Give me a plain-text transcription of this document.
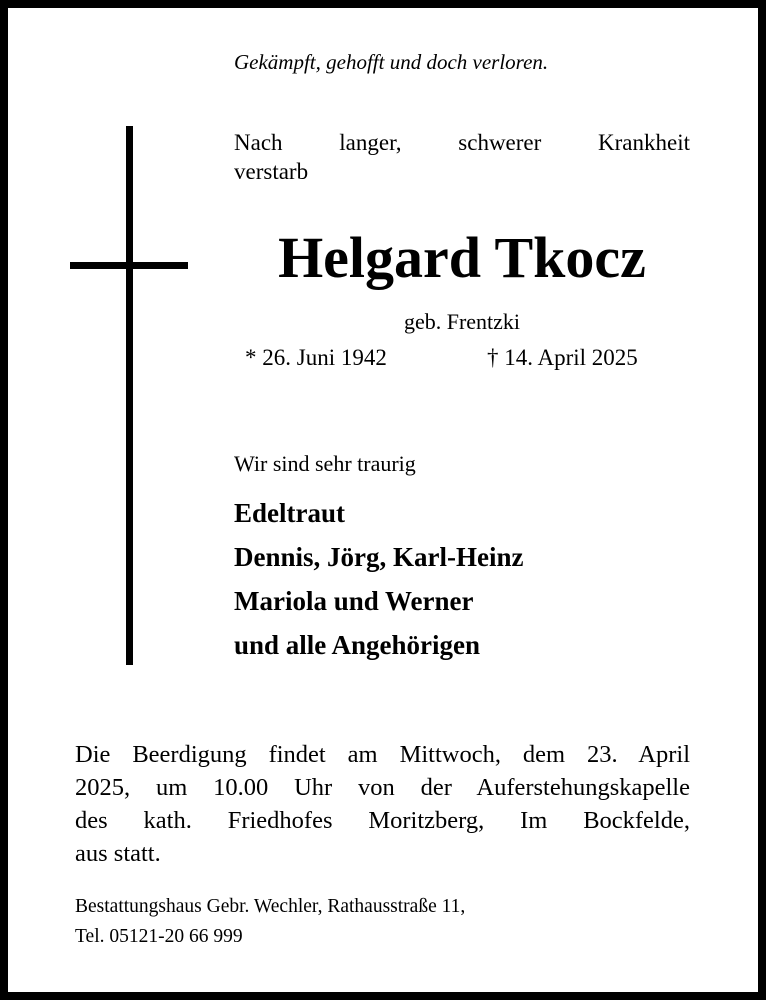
Gekämpft, gehofft und doch verloren.
Nach langer, schwerer Krankheit
verstarb
Helgard Tkocz
geb. Frentzki
* 26. Juni 1942	† 14. April 2025
Wir sind sehr traurig
Edeltraut
Dennis, Jörg, Karl-Heinz
Mariola und Werner
und alle Angehörigen
Die Beerdigung findet am Mittwoch, dem 23. April
2025, um 10.00 Uhr von der Auferstehungskapelle
des kath. Friedhofes Moritzberg, Im Bockfelde,
aus statt.
Bestattungshaus Gebr. Wechler, Rathausstraße 11,
Tel. 05121-20 66 999
